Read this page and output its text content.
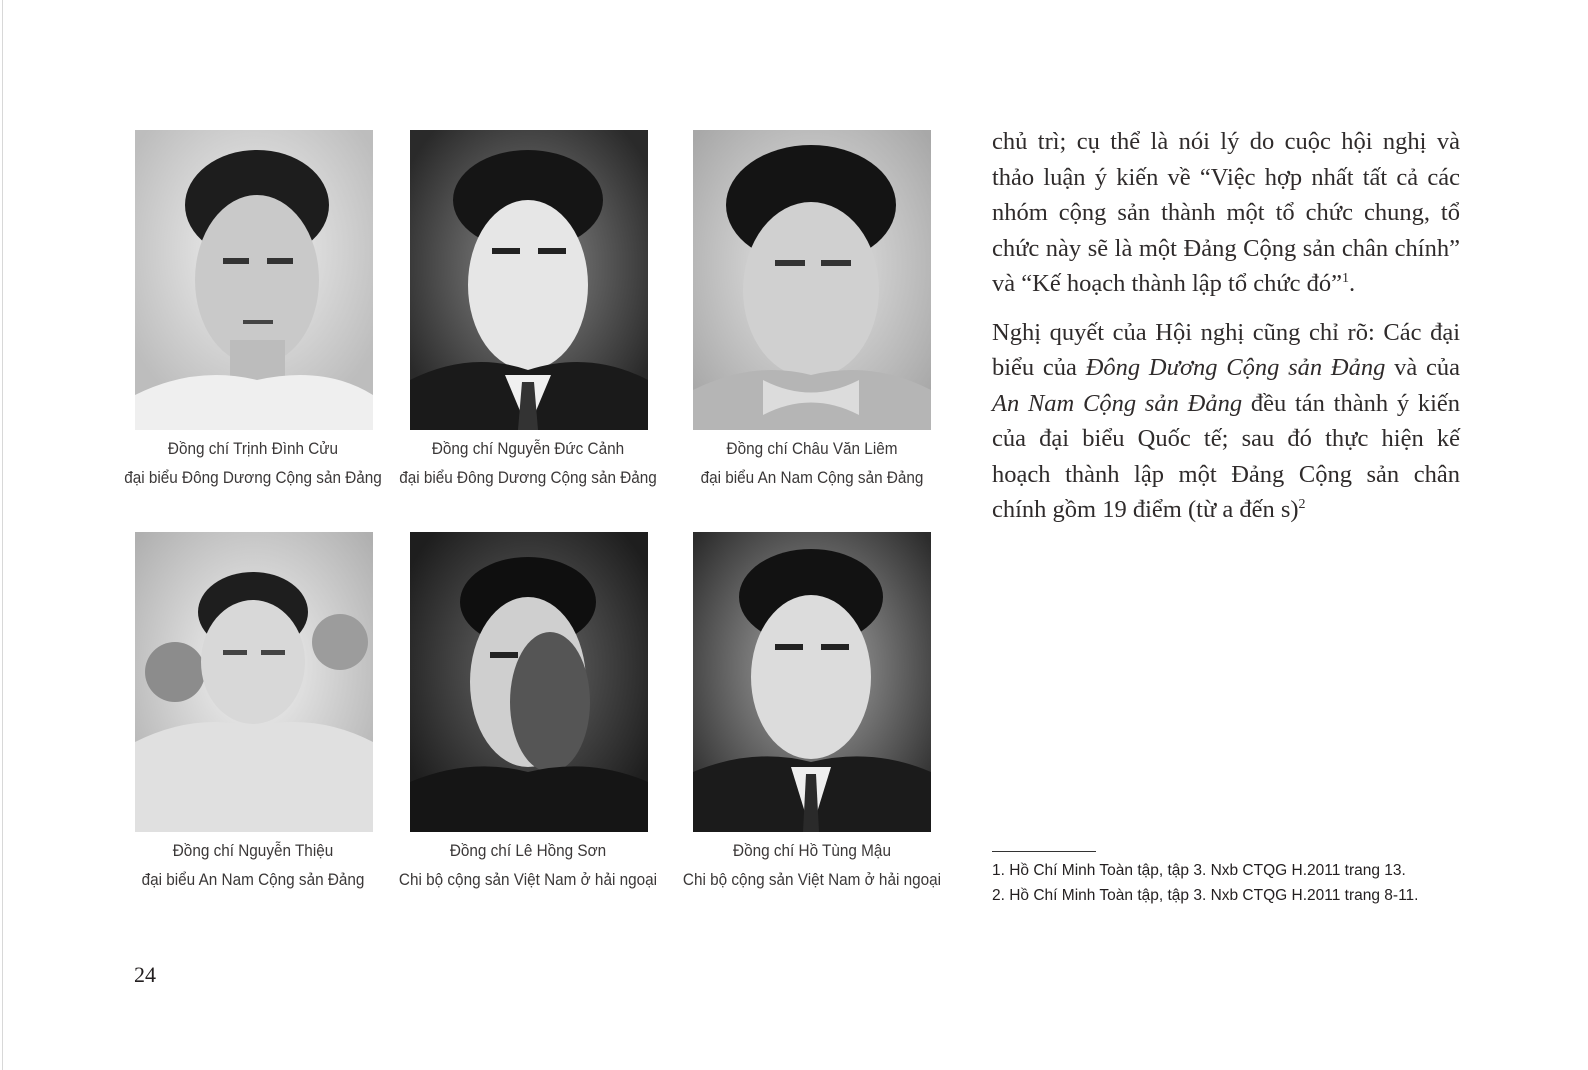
Đồng chí Trịnh Đình Cửu
đại biểu Đông Dương Cộng sản Đảng
Đồng chí Nguyễn Đức Cảnh
đại biểu Đông Dương Cộng sản Đảng
Đồng chí Châu Văn Liêm
đại biểu An Nam Cộng sản Đảng
Đồng chí Nguyễn Thiệu
đại biểu An Nam Cộng sản Đảng
Đồng chí Lê Hồng Sơn
Chi bộ cộng sản Việt Nam ở hải ngoại
Đồng chí Hồ Tùng Mậu
Chi bộ cộng sản Việt Nam ở hải ngoại

chủ trì; cụ thể là nói lý do cuộc hội nghị và thảo luận ý kiến về “Việc hợp nhất tất cả các nhóm cộng sản thành một tổ chức chung, tổ chức này sẽ là một Đảng Cộng sản chân chính” và “Kế hoạch thành lập tổ chức đó”$^1$.

Nghị quyết của Hội nghị cũng chỉ rõ: Các đại biểu của Đông Dương Cộng sản Đảng và của An Nam Cộng sản Đảng đều tán thành ý kiến của đại biểu Quốc tế; sau đó thực hiện kế hoạch thành lập một Đảng Cộng sản chân chính gồm 19 điểm (từ a đến s)$^2$

1. Hồ Chí Minh Toàn tập, tập 3. Nxb CTQG H.2011 trang 13.
2. Hồ Chí Minh Toàn tập, tập 3. Nxb CTQG H.2011 trang 8-11.
24
